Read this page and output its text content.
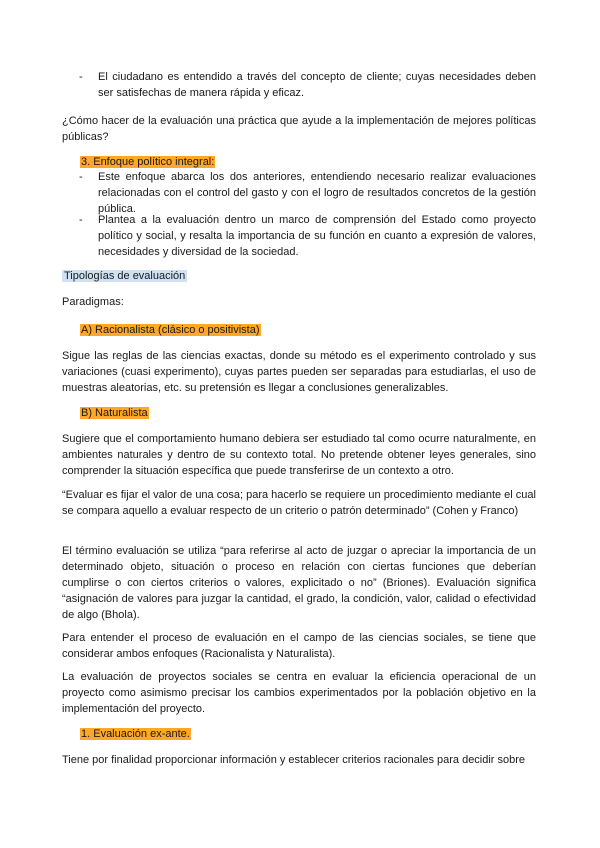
- El ciudadano es entendido a través del concepto de cliente; cuyas necesidades deben ser satisfechas de manera rápida y eficaz.

¿Cómo hacer de la evaluación una práctica que ayude a la implementación de mejores políticas públicas?

3. Enfoque político integral:
- Este enfoque abarca los dos anteriores, entendiendo necesario realizar evaluaciones relacionadas con el control del gasto y con el logro de resultados concretos de la gestión pública.
- Plantea a la evaluación dentro un marco de comprensión del Estado como proyecto político y social, y resalta la importancia de su función en cuanto a expresión de valores, necesidades y diversidad de la sociedad.
Tipologías de evaluación

Paradigmas:

A) Racionalista (clásico o positivista)

Sigue las reglas de las ciencias exactas, donde su método es el experimento controlado y sus variaciones (cuasi experimento), cuyas partes pueden ser separadas para estudiarlas, el uso de muestras aleatorias, etc. su pretensión es llegar a conclusiones generalizables.

B) Naturalista

Sugiere que el comportamiento humano debiera ser estudiado tal como ocurre naturalmente, en ambientes naturales y dentro de su contexto total. No pretende obtener leyes generales, sino comprender la situación específica que puede transferirse de un contexto a otro.

“Evaluar es fijar el valor de una cosa; para hacerlo se requiere un procedimiento mediante el cual se compara aquello a evaluar respecto de un criterio o patrón determinado” (Cohen y Franco)

El término evaluación se utiliza “para referirse al acto de juzgar o apreciar la importancia de un determinado objeto, situación o proceso en relación con ciertas funciones que deberían cumplirse o con ciertos criterios o valores, explicitado o no” (Briones). Evaluación significa “asignación de valores para juzgar la cantidad, el grado, la condición, valor, calidad o efectividad de algo (Bhola).

Para entender el proceso de evaluación en el campo de las ciencias sociales, se tiene que considerar ambos enfoques (Racionalista y Naturalista).

La evaluación de proyectos sociales se centra en evaluar la eficiencia operacional de un proyecto como asimismo precisar los cambios experimentados por la población objetivo en la implementación del proyecto.

1. Evaluación ex-ante.

Tiene por finalidad proporcionar información y establecer criterios racionales para decidir sobre
